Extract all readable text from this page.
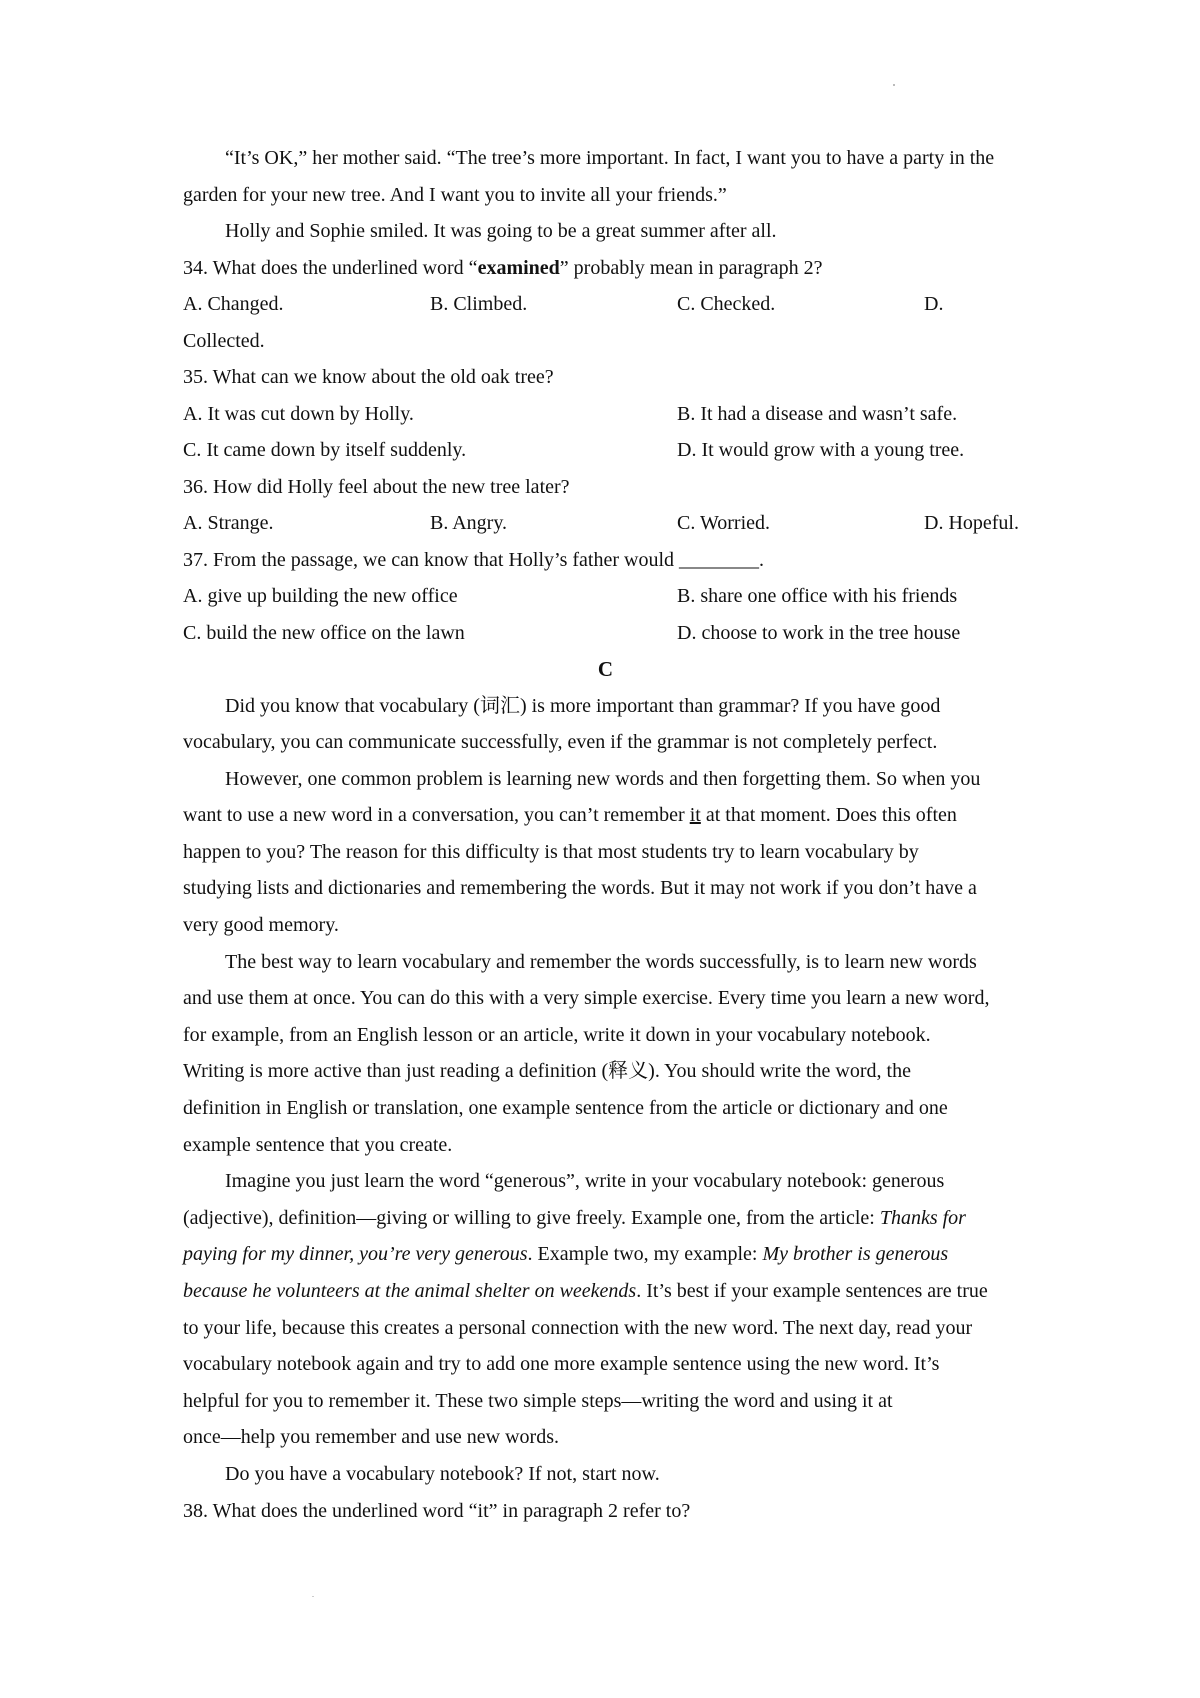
“It’s OK,” her mother said. “The tree’s more important. In fact, I want you to have a party in the
garden for your new tree. And I want you to invite all your friends.”
Holly and Sophie smiled. It was going to be a great summer after all.
34. What does the underlined word “examined” probably mean in paragraph 2?
A. Changed.	B. Climbed.	C. Checked.	D.
Collected.
35. What can we know about the old oak tree?
A. It was cut down by Holly.	B. It had a disease and wasn’t safe.
C. It came down by itself suddenly.	D. It would grow with a young tree.
36. How did Holly feel about the new tree later?
A. Strange.	B. Angry.	C. Worried.	D. Hopeful.
37. From the passage, we can know that Holly’s father would ________.
A. give up building the new office	B. share one office with his friends
C. build the new office on the lawn	D. choose to work in the tree house
C
Did you know that vocabulary (词汇) is more important than grammar? If you have good
vocabulary, you can communicate successfully, even if the grammar is not completely perfect.
However, one common problem is learning new words and then forgetting them. So when you
want to use a new word in a conversation, you can’t remember it at that moment. Does this often
happen to you? The reason for this difficulty is that most students try to learn vocabulary by
studying lists and dictionaries and remembering the words. But it may not work if you don’t have a
very good memory.
The best way to learn vocabulary and remember the words successfully, is to learn new words
and use them at once. You can do this with a very simple exercise. Every time you learn a new word,
for example, from an English lesson or an article, write it down in your vocabulary notebook.
Writing is more active than just reading a definition (释义). You should write the word, the
definition in English or translation, one example sentence from the article or dictionary and one
example sentence that you create.
Imagine you just learn the word “generous”, write in your vocabulary notebook: generous
(adjective), definition—giving or willing to give freely. Example one, from the article: Thanks for
paying for my dinner, you’re very generous. Example two, my example: My brother is generous
because he volunteers at the animal shelter on weekends. It’s best if your example sentences are true
to your life, because this creates a personal connection with the new word. The next day, read your
vocabulary notebook again and try to add one more example sentence using the new word. It’s
helpful for you to remember it. These two simple steps—writing the word and using it at
once—help you remember and use new words.
Do you have a vocabulary notebook? If not, start now.
38. What does the underlined word “it” in paragraph 2 refer to?
